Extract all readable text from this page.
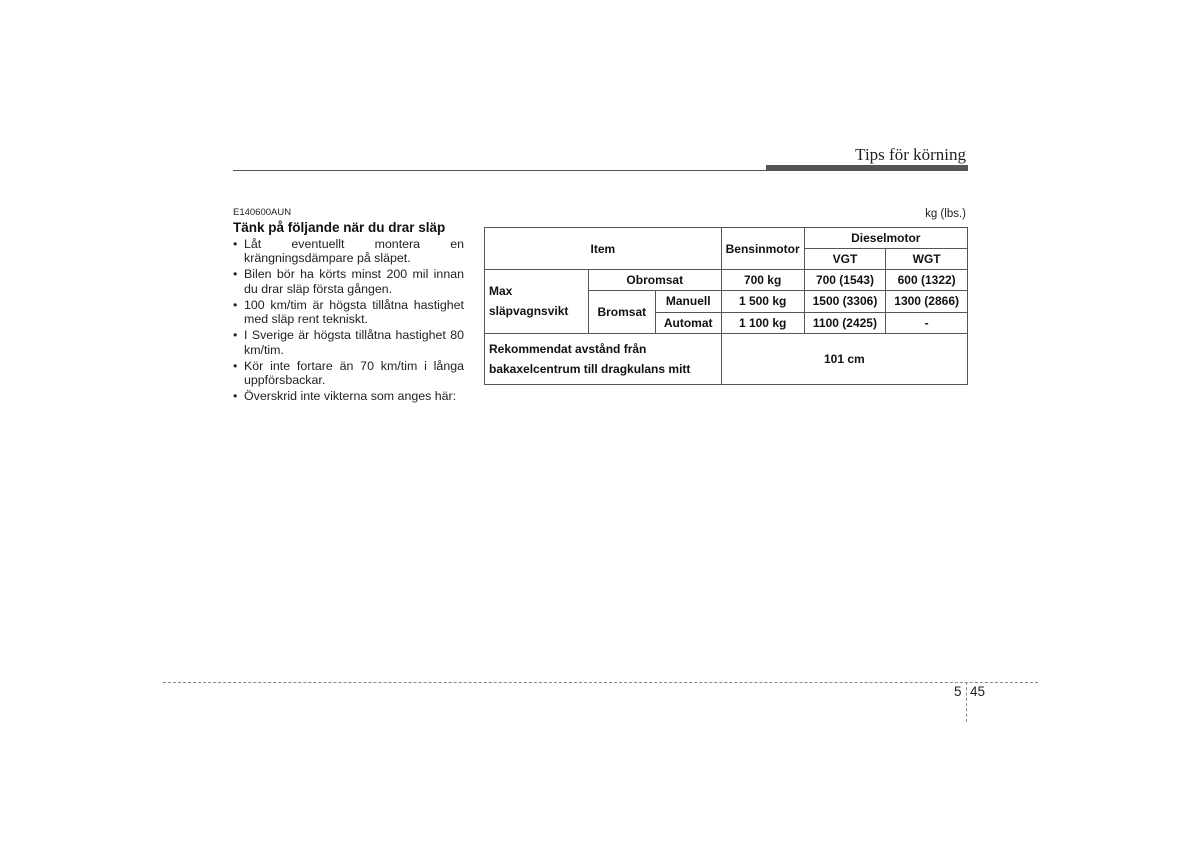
Tips för körning
E140600AUN
Tänk på följande när du drar släp
• Låt eventuellt montera en krängningsdämpare på släpet.
• Bilen bör ha körts minst 200 mil innan du drar släp första gången.
• 100 km/tim är högsta tillåtna hastighet med släp rent tekniskt.
• I Sverige är högsta tillåtna hastighet 80 km/tim.
• Kör inte fortare än 70 km/tim i långa uppförsbackar.
• Överskrid inte vikterna som anges här:
kg (lbs.)
Item			Bensinmotor	Dieselmotor	
				VGT	WGT
Max
släpvagnsvikt	Obromsat		700 kg	700 (1543)	600 (1322)
	Bromsat	Manuell	1 500 kg	1500 (3306)	1300 (2866)
		Automat	1 100 kg	1100 (2425)	-
Rekommendat avstånd från
bakaxelcentrum till dragkulans mitt			101 cm		
5 45
